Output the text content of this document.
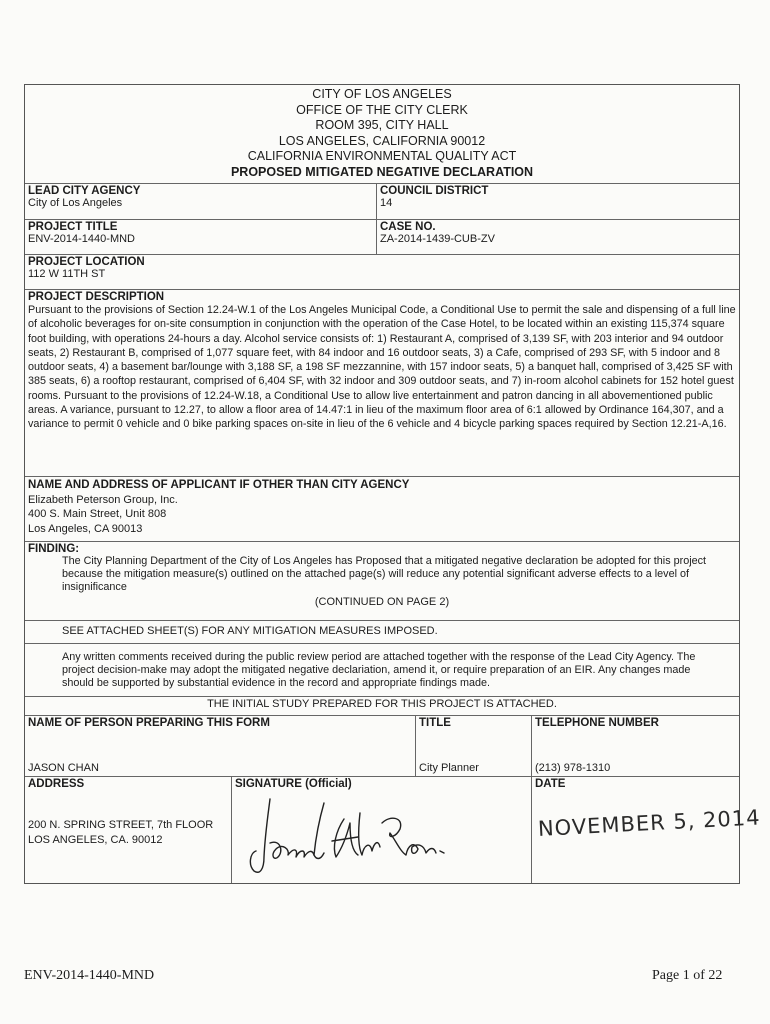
CITY OF LOS ANGELES
OFFICE OF THE CITY CLERK
ROOM 395, CITY HALL
LOS ANGELES, CALIFORNIA 90012
CALIFORNIA ENVIRONMENTAL QUALITY ACT
PROPOSED MITIGATED NEGATIVE DECLARATION
LEAD CITY AGENCY
City of Los Angeles
COUNCIL DISTRICT
14
PROJECT TITLE
ENV-2014-1440-MND
CASE NO.
ZA-2014-1439-CUB-ZV
PROJECT LOCATION
112 W 11TH ST
PROJECT DESCRIPTION
Pursuant to the provisions of Section 12.24-W.1 of the Los Angeles Municipal Code, a Conditional Use to permit the sale and dispensing of a full line of alcoholic beverages for on-site consumption in conjunction with the operation of the Case Hotel, to be located within an existing 115,374 square foot building, with operations 24-hours a day. Alcohol service consists of: 1) Restaurant A, comprised of 3,139 SF, with 203 interior and 94 outdoor seats, 2) Restaurant B, comprised of 1,077 square feet, with 84 indoor and 16 outdoor seats, 3) a Cafe, comprised of 293 SF, with 5 indoor and 8 outdoor seats, 4) a basement bar/lounge with 3,188 SF, a 198 SF mezzannine, with 157 indoor seats, 5) a banquet hall, comprised of 3,425 SF with 385 seats, 6) a rooftop restaurant, comprised of 6,404 SF, with 32 indoor and 309 outdoor seats, and 7) in-room alcohol cabinets for 152 hotel guest rooms. Pursuant to the provisions of 12.24-W.18, a Conditional Use to allow live entertainment and patron dancing in all abovementioned public areas. A variance, pursuant to 12.27, to allow a floor area of 14.47:1 in lieu of the maximum floor area of 6:1 allowed by Ordinance 164,307, and a variance to permit 0 vehicle and 0 bike parking spaces on-site in lieu of the 6 vehicle and 4 bicycle parking spaces required by Section 12.21-A,16.
NAME AND ADDRESS OF APPLICANT IF OTHER THAN CITY AGENCY
Elizabeth Peterson Group, Inc.
400 S. Main Street, Unit 808
Los Angeles, CA 90013
FINDING:
The City Planning Department of the City of Los Angeles has Proposed that a mitigated negative declaration be adopted for this project because the mitigation measure(s) outlined on the attached page(s) will reduce any potential significant adverse effects to a level of insignificance
(CONTINUED ON PAGE 2)
SEE ATTACHED SHEET(S) FOR ANY MITIGATION MEASURES IMPOSED.
Any written comments received during the public review period are attached together with the response of the Lead City Agency. The project decision-make may adopt the mitigated negative declariation, amend it, or require preparation of an EIR. Any changes made should be supported by substantial evidence in the record and appropriate findings made.
THE INITIAL STUDY PREPARED FOR THIS PROJECT IS ATTACHED.
NAME OF PERSON PREPARING THIS FORM
JASON CHAN
TITLE
City Planner
TELEPHONE NUMBER
(213) 978-1310
ADDRESS
200 N. SPRING STREET, 7th FLOOR
LOS ANGELES, CA. 90012
SIGNATURE (Official)	DATE
NOVEMBER 5, 2014
ENV-2014-1440-MND	Page 1 of 22
